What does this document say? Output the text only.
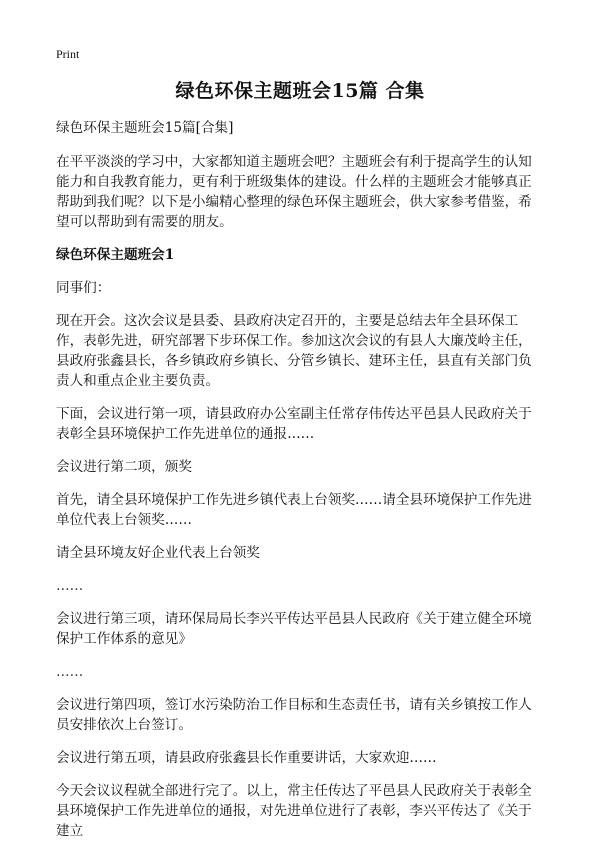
Print
绿色环保主题班会15篇 合集

绿色环保主题班会15篇[合集]

在平平淡淡的学习中，大家都知道主题班会吧？主题班会有利于提高学生的认知能力和自我教育能力，更有利于班级集体的建设。什么样的主题班会才能够真正帮助到我们呢？以下是小编精心整理的绿色环保主题班会，供大家参考借鉴，希望可以帮助到有需要的朋友。

绿色环保主题班会1

同事们：

现在开会。这次会议是县委、县政府决定召开的，主要是总结去年全县环保工作，表彰先进，研究部署下步环保工作。参加这次会议的有县人大廉茂岭主任，县政府张鑫县长，各乡镇政府乡镇长、分管乡镇长、建环主任，县直有关部门负责人和重点企业主要负责。

下面，会议进行第一项，请县政府办公室副主任常存伟传达平邑县人民政府关于表彰全县环境保护工作先进单位的通报……

会议进行第二项，颁奖

首先，请全县环境保护工作先进乡镇代表上台领奖……请全县环境保护工作先进单位代表上台领奖……

请全县环境友好企业代表上台领奖

……

会议进行第三项，请环保局局长李兴平传达平邑县人民政府《关于建立健全环境保护工作体系的意见》

……

会议进行第四项，签订水污染防治工作目标和生态责任书，请有关乡镇按工作人员安排依次上台签订。

会议进行第五项，请县政府张鑫县长作重要讲话，大家欢迎……

今天会议议程就全部进行完了。以上，常主任传达了平邑县人民政府关于表彰全县环境保护工作先进单位的通报，对先进单位进行了表彰，李兴平传达了《关于建立
